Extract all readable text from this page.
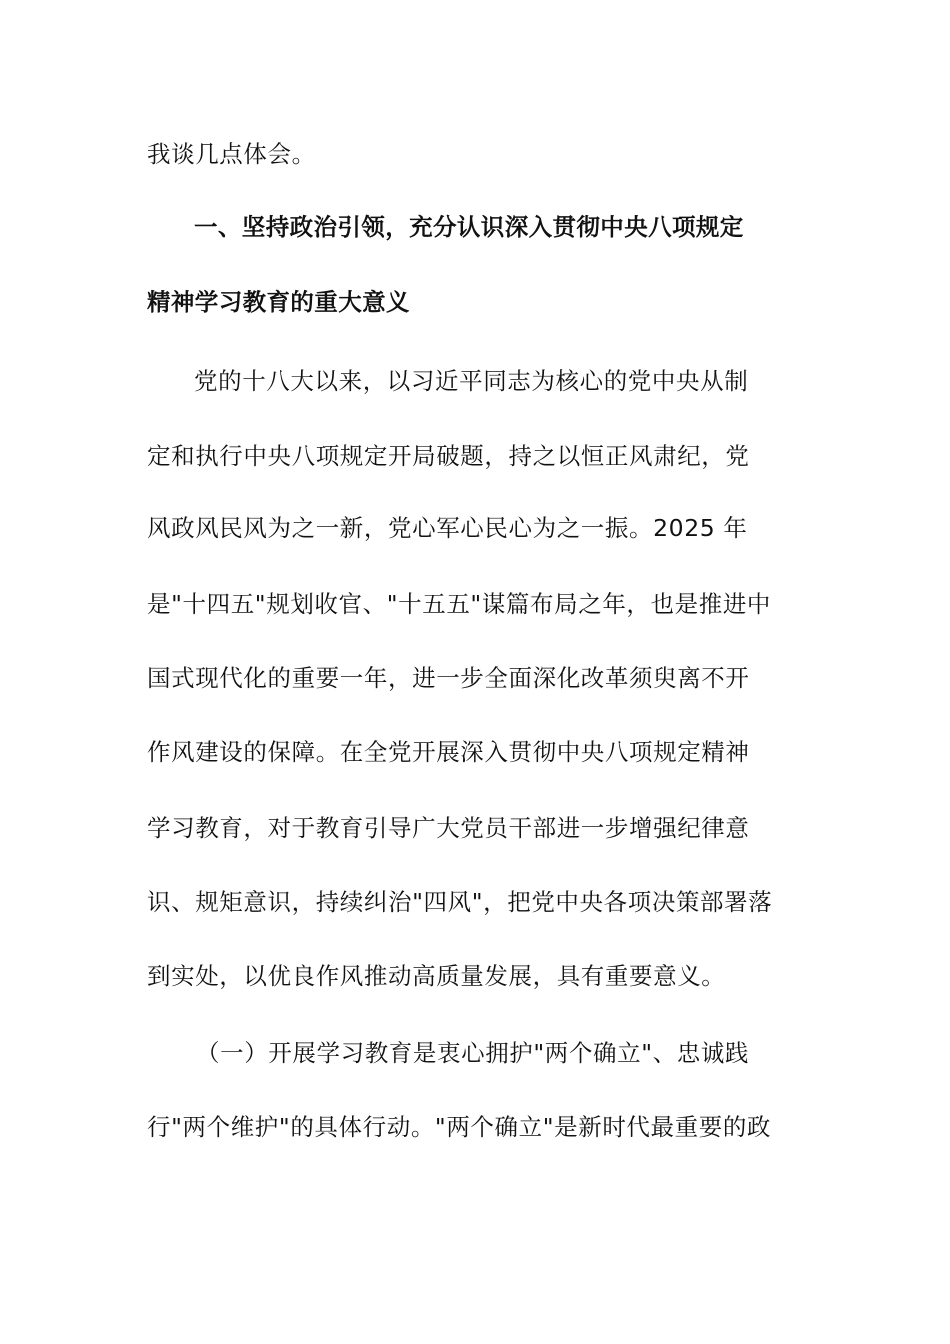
我谈几点体会。
一、坚持政治引领，充分认识深入贯彻中央八项规定
精神学习教育的重大意义
党的十八大以来，以习近平同志为核心的党中央从制
定和执行中央八项规定开局破题，持之以恒正风肃纪，党
风政风民风为之一新，党心军心民心为之一振。2025 年
是"十四五"规划收官、"十五五"谋篇布局之年，也是推进中
国式现代化的重要一年，进一步全面深化改革须臾离不开
作风建设的保障。在全党开展深入贯彻中央八项规定精神
学习教育，对于教育引导广大党员干部进一步增强纪律意
识、规矩意识，持续纠治"四风"，把党中央各项决策部署落
到实处，以优良作风推动高质量发展，具有重要意义。
（一）开展学习教育是衷心拥护"两个确立"、忠诚践
行"两个维护"的具体行动。"两个确立"是新时代最重要的政
